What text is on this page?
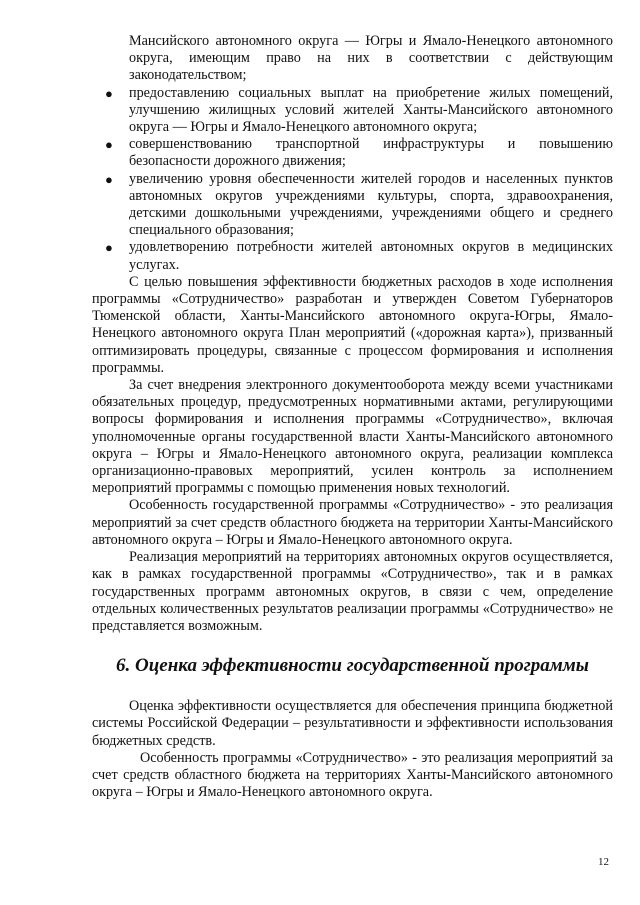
Мансийского автономного округа — Югры и Ямало-Ненецкого автономного округа, имеющим право на них в соответствии с действующим законодательством;

● предоставлению социальных выплат на приобретение жилых помещений, улучшению жилищных условий жителей Ханты-Мансийского автономного округа — Югры и Ямало-Ненецкого автономного округа;
● совершенствованию транспортной инфраструктуры и повышению безопасности дорожного движения;
● увеличению уровня обеспеченности жителей городов и населенных пунктов автономных округов учреждениями культуры, спорта, здравоохранения, детскими дошкольными учреждениями, учреждениями общего и среднего специального образования;
● удовлетворению потребности жителей автономных округов в медицинских услугах.

С целью повышения эффективности бюджетных расходов в ходе исполнения программы «Сотрудничество» разработан и утвержден Советом Губернаторов Тюменской области, Ханты-Мансийского автономного округа-Югры, Ямало-Ненецкого автономного округа План мероприятий («дорожная карта»), призванный оптимизировать процедуры, связанные с процессом формирования и исполнения программы.

За счет внедрения электронного документооборота между всеми участниками обязательных процедур, предусмотренных нормативными актами, регулирующими вопросы формирования и исполнения программы «Сотрудничество», включая уполномоченные органы государственной власти Ханты-Мансийского автономного округа – Югры и Ямало-Ненецкого автономного округа, реализации комплекса организационно-правовых мероприятий, усилен контроль за исполнением мероприятий программы с помощью применения новых технологий.

Особенность государственной программы «Сотрудничество» - это реализация мероприятий за счет средств областного бюджета на территории Ханты-Мансийского автономного округа – Югры и Ямало-Ненецкого автономного округа.

Реализация мероприятий на территориях автономных округов осуществляется, как в рамках государственной программы «Сотрудничество», так и в рамках государственных программ автономных округов, в связи с чем, определение отдельных количественных результатов реализации программы «Сотрудничество» не представляется возможным.

6. Оценка эффективности государственной программы

Оценка эффективности осуществляется для обеспечения принципа бюджетной системы Российской Федерации – результативности и эффективности использования бюджетных средств.

Особенность программы «Сотрудничество» - это реализация мероприятий за счет средств областного бюджета на территориях Ханты-Мансийского автономного округа – Югры и Ямало-Ненецкого автономного округа.

12
